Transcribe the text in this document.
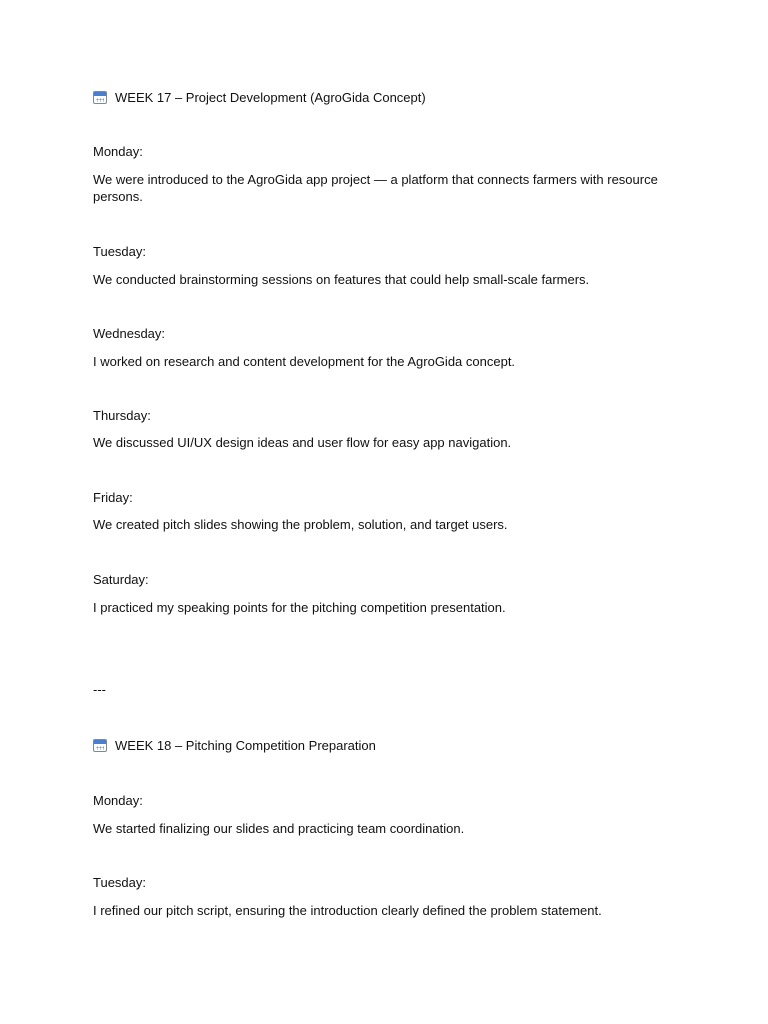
WEEK 17 – Project Development (AgroGida Concept)

Monday:

We were introduced to the AgroGida app project — a platform that connects farmers with resource persons.

Tuesday:

We conducted brainstorming sessions on features that could help small-scale farmers.

Wednesday:

I worked on research and content development for the AgroGida concept.

Thursday:

We discussed UI/UX design ideas and user flow for easy app navigation.

Friday:

We created pitch slides showing the problem, solution, and target users.

Saturday:

I practiced my speaking points for the pitching competition presentation.

---
WEEK 18 – Pitching Competition Preparation

Monday:

We started finalizing our slides and practicing team coordination.

Tuesday:

I refined our pitch script, ensuring the introduction clearly defined the problem statement.
